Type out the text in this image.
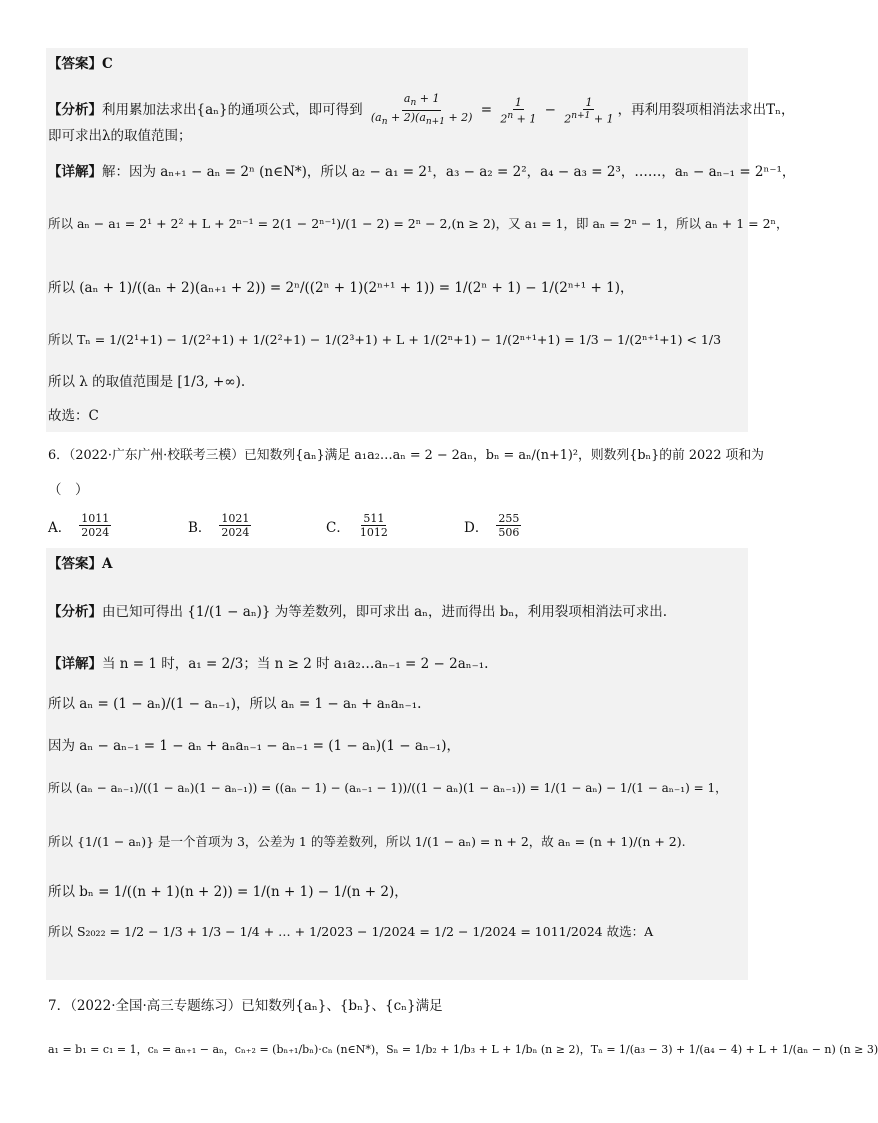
【答案】C
【分析】利用累加法求出{aₙ}的通项公式，即可得到 $\frac{a_n + 1}{(a_n + 2)(a_{n+1} + 2)} = \frac{1}{2^n + 1} - \frac{1}{2^{n+1} + 1}$ ，再利用裂项相消法求出Tₙ，
即可求出λ的取值范围；
【详解】解：因为 aₙ₊₁ − aₙ = 2ⁿ (n∈N*)，所以 a₂ − a₁ = 2¹，a₃ − a₂ = 2²，a₄ − a₃ = 2³，……，aₙ − aₙ₋₁ = 2ⁿ⁻¹，
所以 aₙ − a₁ = 2¹ + 2² + L + 2ⁿ⁻¹ = 2(1 − 2ⁿ⁻¹)/(1 − 2) = 2ⁿ − 2,(n ≥ 2)，又 a₁ = 1，即 aₙ = 2ⁿ − 1，所以 aₙ + 1 = 2ⁿ，
所以 (aₙ + 1)/((aₙ + 2)(aₙ₊₁ + 2)) = 2ⁿ/((2ⁿ + 1)(2ⁿ⁺¹ + 1)) = 1/(2ⁿ + 1) − 1/(2ⁿ⁺¹ + 1)，
所以 Tₙ = 1/(2¹+1) − 1/(2²+1) + 1/(2²+1) − 1/(2³+1) + L + 1/(2ⁿ+1) − 1/(2ⁿ⁺¹+1) = 1/3 − 1/(2ⁿ⁺¹+1) < 1/3
所以 λ 的取值范围是 [1/3, +∞).
故选：C
6．（2022·广东广州·校联考三模）已知数列{aₙ}满足 a₁a₂…aₙ = 2 − 2aₙ，bₙ = aₙ/(n+1)²，则数列{bₙ}的前 2022 项和为
（　）
A． $\frac{1011}{2024}$	B． $\frac{1021}{2024}$	C． $\frac{511}{1012}$	D． $\frac{255}{506}$
【答案】A
【分析】由已知可得出 {1/(1 − aₙ)} 为等差数列，即可求出 aₙ，进而得出 bₙ，利用裂项相消法可求出.
【详解】当 n = 1 时，a₁ = 2/3；当 n ≥ 2 时 a₁a₂…aₙ₋₁ = 2 − 2aₙ₋₁.
所以 aₙ = (1 − aₙ)/(1 − aₙ₋₁)，所以 aₙ = 1 − aₙ + aₙaₙ₋₁.
因为 aₙ − aₙ₋₁ = 1 − aₙ + aₙaₙ₋₁ − aₙ₋₁ = (1 − aₙ)(1 − aₙ₋₁)，
所以 (aₙ − aₙ₋₁)/((1 − aₙ)(1 − aₙ₋₁)) = ((aₙ − 1) − (aₙ₋₁ − 1))/((1 − aₙ)(1 − aₙ₋₁)) = 1/(1 − aₙ) − 1/(1 − aₙ₋₁) = 1，
所以 {1/(1 − aₙ)} 是一个首项为 3，公差为 1 的等差数列，所以 1/(1 − aₙ) = n + 2，故 aₙ = (n + 1)/(n + 2).
所以 bₙ = 1/((n + 1)(n + 2)) = 1/(n + 1) − 1/(n + 2)，
所以 S₂₀₂₂ = 1/2 − 1/3 + 1/3 − 1/4 + … + 1/2023 − 1/2024 = 1/2 − 1/2024 = 1011/2024 故选：A
7．（2022·全国·高三专题练习）已知数列{aₙ}、{bₙ}、{cₙ}满足
a₁ = b₁ = c₁ = 1，cₙ = aₙ₊₁ − aₙ，cₙ₊₂ = (bₙ₊₁/bₙ)·cₙ (n∈N*)，Sₙ = 1/b₂ + 1/b₃ + L + 1/bₙ (n ≥ 2)，Tₙ = 1/(a₃ − 3) + 1/(a₄ − 4) + L + 1/(aₙ − n) (n ≥ 3)
